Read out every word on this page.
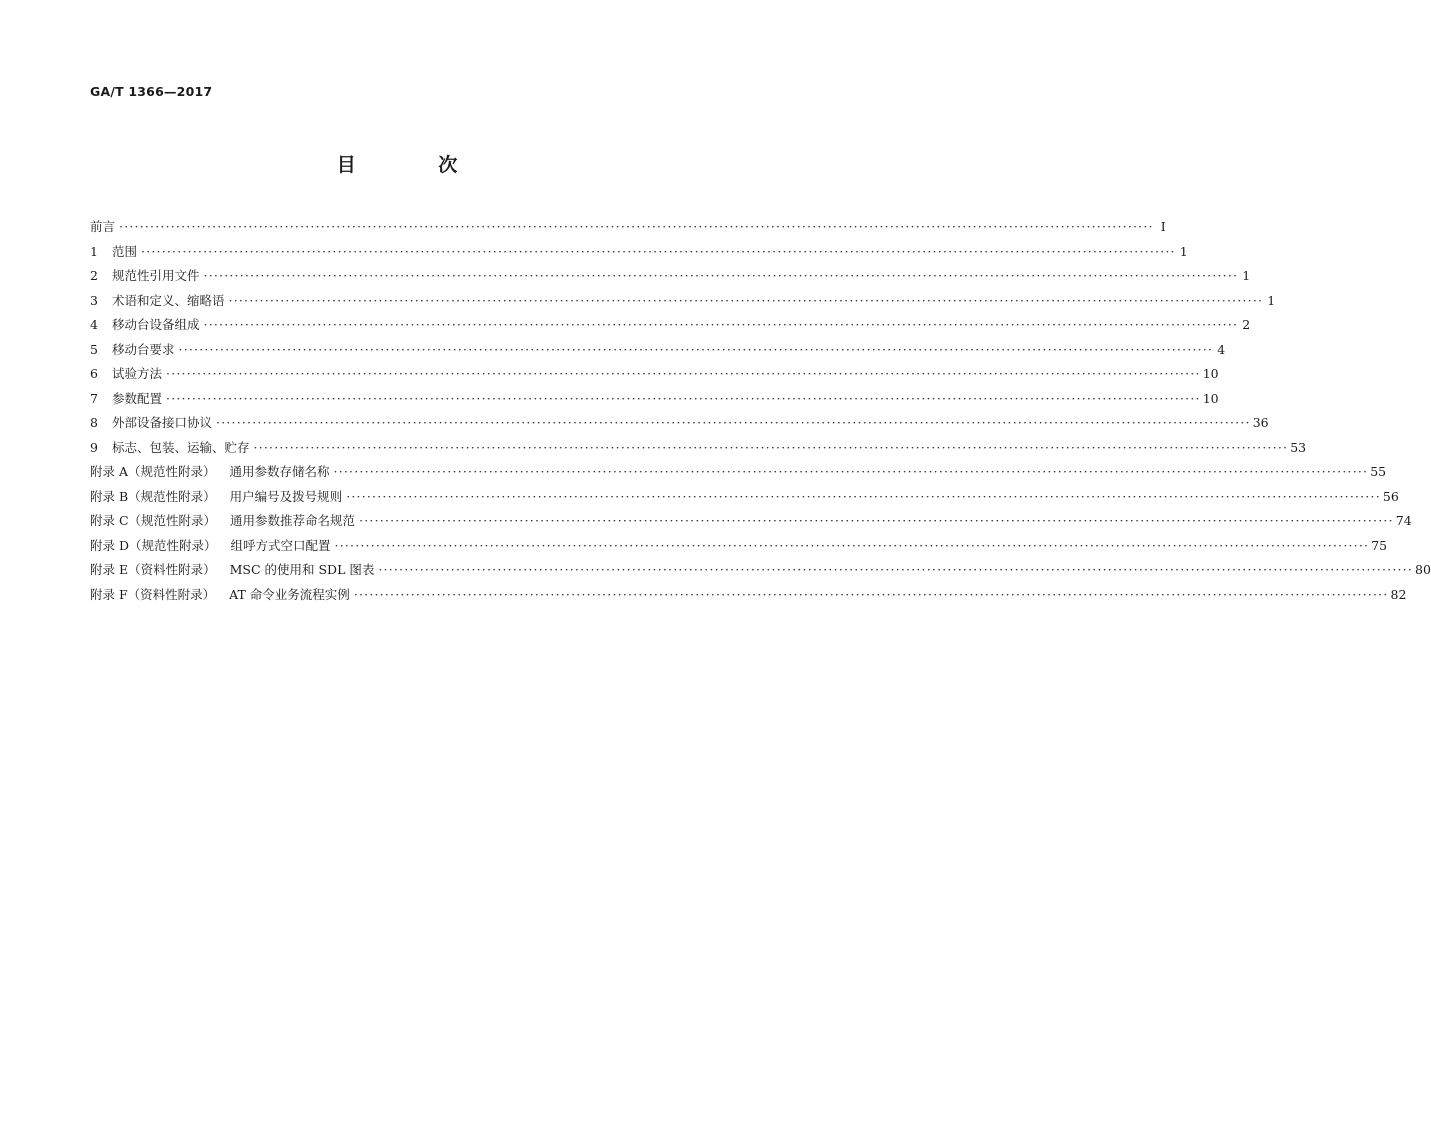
GA/T 1366—2017
目 次
前言 ········································································································································································································ Ⅰ
1	范围 ········································································································································································································ 1
2	规范性引用文件 ········································································································································································································ 1
3	术语和定义、缩略语 ········································································································································································································ 1
4	移动台设备组成 ········································································································································································································ 2
5	移动台要求 ········································································································································································································ 4
6	试验方法 ········································································································································································································ 10
7	参数配置 ········································································································································································································ 10
8	外部设备接口协议 ········································································································································································································ 36
9	标志、包装、运输、贮存 ········································································································································································································ 53
附录 A（规范性附录） 通用参数存储名称 ········································································································································································································ 55
附录 B（规范性附录） 用户编号及拨号规则 ········································································································································································································ 56
附录 C（规范性附录） 通用参数推荐命名规范 ········································································································································································································ 74
附录 D（规范性附录） 组呼方式空口配置 ········································································································································································································ 75
附录 E（资料性附录） MSC 的使用和 SDL 图表 ········································································································································································································ 80
附录 F（资料性附录） AT 命令业务流程实例 ········································································································································································································ 82
